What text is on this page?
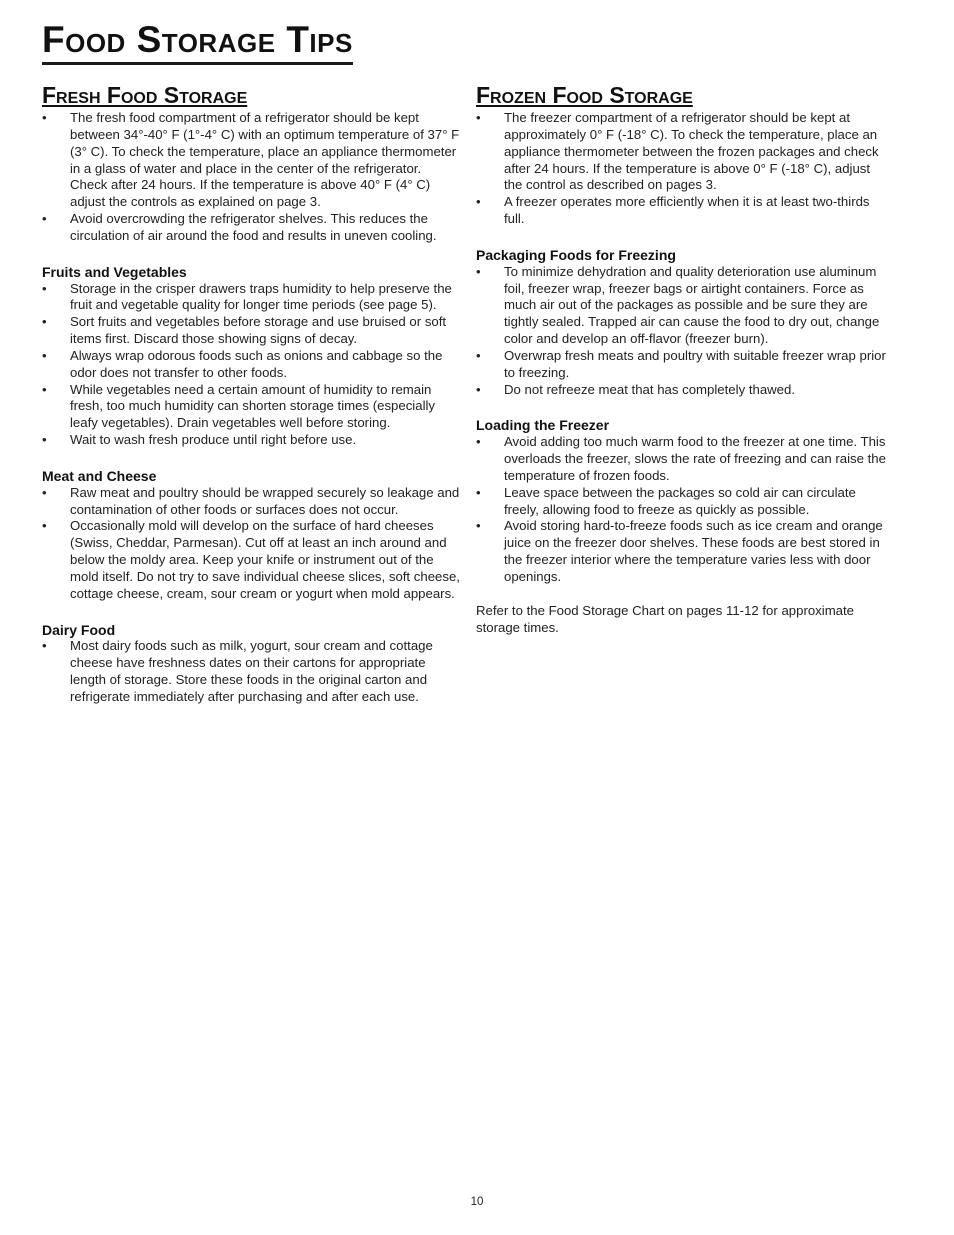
Food Storage Tips
Fresh Food Storage
• The fresh food compartment of a refrigerator should be kept between 34°-40° F (1°-4° C) with an optimum temperature of 37° F (3° C). To check the temperature, place an appliance thermometer in a glass of water and place in the center of the refrigerator. Check after 24 hours. If the temperature is above 40° F (4° C) adjust the controls as explained on page 3.
• Avoid overcrowding the refrigerator shelves. This reduces the circulation of air around the food and results in uneven cooling.
Fruits and Vegetables
• Storage in the crisper drawers traps humidity to help preserve the fruit and vegetable quality for longer time periods (see page 5).
• Sort fruits and vegetables before storage and use bruised or soft items first. Discard those showing signs of decay.
• Always wrap odorous foods such as onions and cabbage so the odor does not transfer to other foods.
• While vegetables need a certain amount of humidity to remain fresh, too much humidity can shorten storage times (especially leafy vegetables). Drain vegetables well before storing.
• Wait to wash fresh produce until right before use.
Meat and Cheese
• Raw meat and poultry should be wrapped securely so leakage and contamination of other foods or surfaces does not occur.
• Occasionally mold will develop on the surface of hard cheeses (Swiss, Cheddar, Parmesan). Cut off at least an inch around and below the moldy area. Keep your knife or instrument out of the mold itself. Do not try to save individual cheese slices, soft cheese, cottage cheese, cream, sour cream or yogurt when mold appears.
Dairy Food
• Most dairy foods such as milk, yogurt, sour cream and cottage cheese have freshness dates on their cartons for appropriate length of storage. Store these foods in the original carton and refrigerate immediately after purchasing and after each use.
Frozen Food Storage
• The freezer compartment of a refrigerator should be kept at approximately 0° F (-18° C). To check the temperature, place an appliance thermometer between the frozen packages and check after 24 hours. If the temperature is above 0° F (-18° C), adjust the control as described on pages 3.
• A freezer operates more efficiently when it is at least two-thirds full.
Packaging Foods for Freezing
• To minimize dehydration and quality deterioration use aluminum foil, freezer wrap, freezer bags or airtight containers. Force as much air out of the packages as possible and be sure they are tightly sealed. Trapped air can cause the food to dry out, change color and develop an off-flavor (freezer burn).
• Overwrap fresh meats and poultry with suitable freezer wrap prior to freezing.
• Do not refreeze meat that has completely thawed.
Loading the Freezer
• Avoid adding too much warm food to the freezer at one time. This overloads the freezer, slows the rate of freezing and can raise the temperature of frozen foods.
• Leave space between the packages so cold air can circulate freely, allowing food to freeze as quickly as possible.
• Avoid storing hard-to-freeze foods such as ice cream and orange juice on the freezer door shelves. These foods are best stored in the freezer interior where the temperature varies less with door openings.

Refer to the Food Storage Chart on pages 11-12 for approximate storage times.

10
